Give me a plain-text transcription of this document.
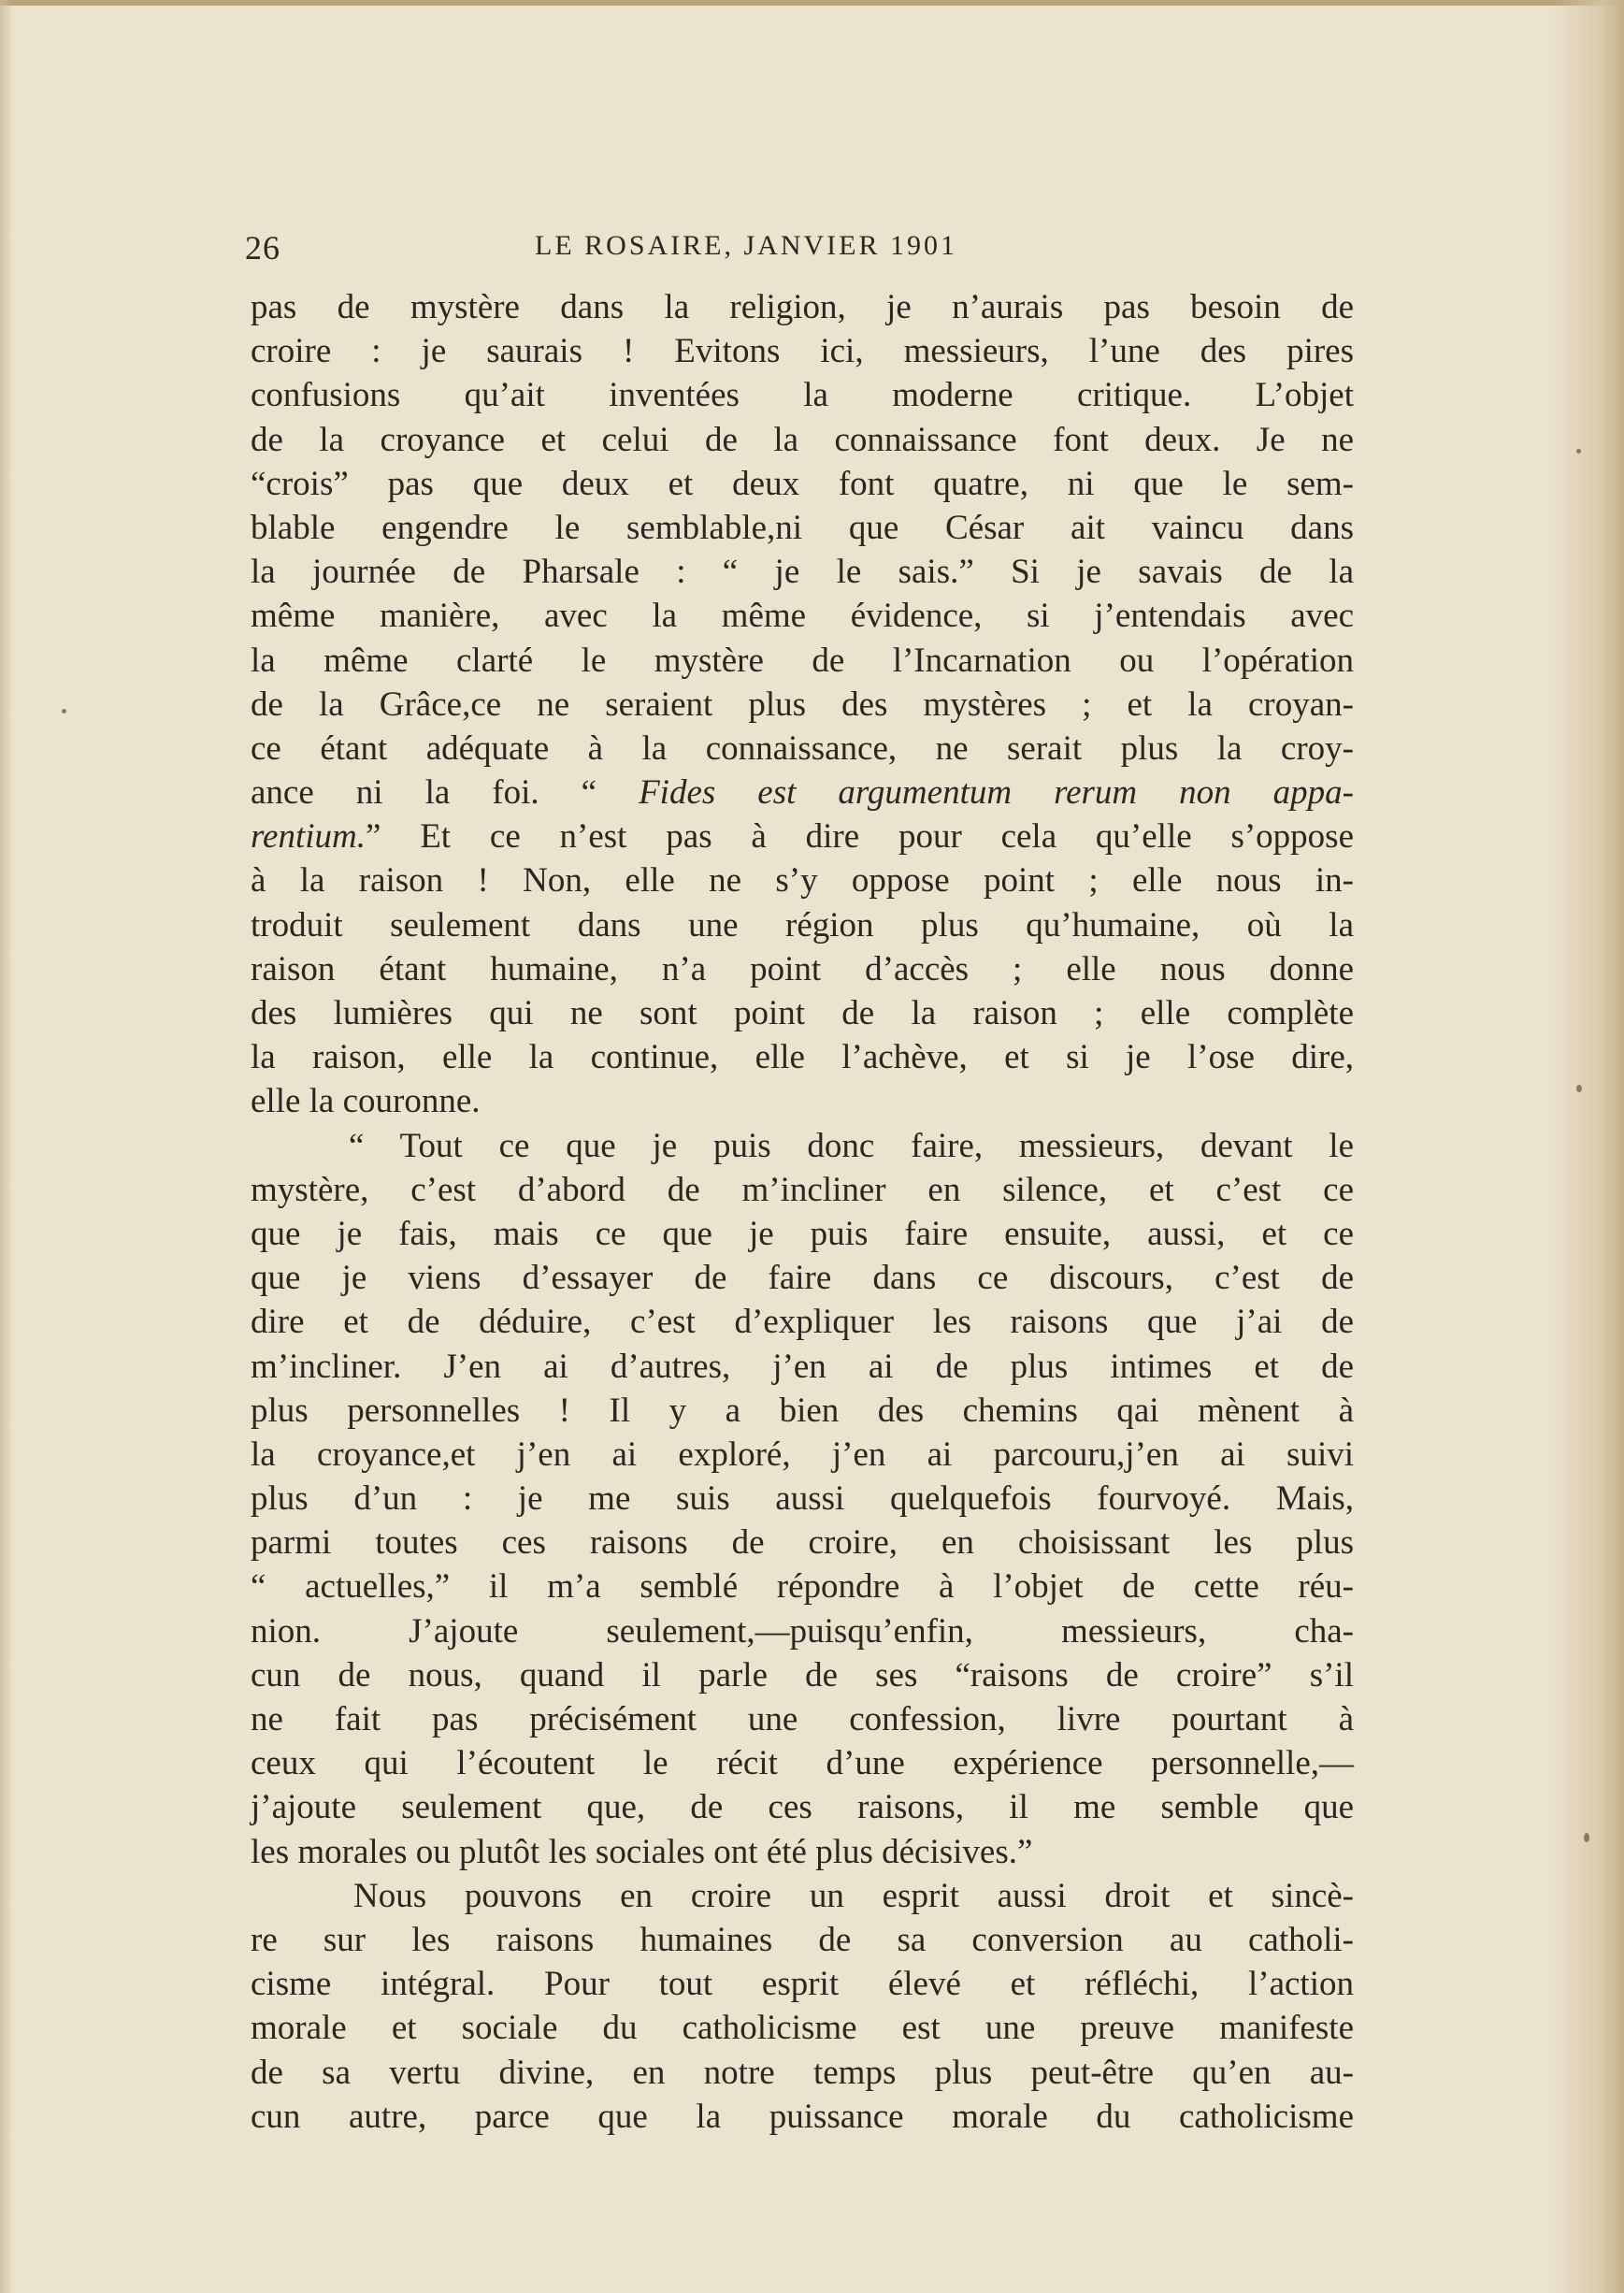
26	LE ROSAIRE, JANVIER 1901
pas de mystère dans la religion, je n’aurais pas besoin de
croire : je saurais ! Evitons ici, messieurs, l’une des pires
confusions qu’ait inventées la moderne critique. L’objet
de la croyance et celui de la connaissance font deux. Je ne
“crois” pas que deux et deux font quatre, ni que le sem-
blable engendre le semblable,ni que César ait vaincu dans
la journée de Pharsale : “ je le sais.” Si je savais de la
même manière, avec la même évidence, si j’entendais avec
la même clarté le mystère de l’Incarnation ou l’opération
de la Grâce,ce ne seraient plus des mystères ; et la croyan-
ce étant adéquate à la connaissance, ne serait plus la croy-
ance ni la foi. “ Fides est argumentum rerum non appa-
rentium.” Et ce n’est pas à dire pour cela qu’elle s’oppose
à la raison ! Non, elle ne s’y oppose point ; elle nous in-
troduit seulement dans une région plus qu’humaine, où la
raison étant humaine, n’a point d’accès ; elle nous donne
des lumières qui ne sont point de la raison ; elle complète
la raison, elle la continue, elle l’achève, et si je l’ose dire,
elle la couronne.
“ Tout ce que je puis donc faire, messieurs, devant le
mystère, c’est d’abord de m’incliner en silence, et c’est ce
que je fais, mais ce que je puis faire ensuite, aussi, et ce
que je viens d’essayer de faire dans ce discours, c’est de
dire et de déduire, c’est d’expliquer les raisons que j’ai de
m’incliner. J’en ai d’autres, j’en ai de plus intimes et de
plus personnelles ! Il y a bien des chemins qai mènent à
la croyance,et j’en ai exploré, j’en ai parcouru,j’en ai suivi
plus d’un : je me suis aussi quelquefois fourvoyé. Mais,
parmi toutes ces raisons de croire, en choisissant les plus
“ actuelles,” il m’a semblé répondre à l’objet de cette réu-
nion. J’ajoute seulement,—puisqu’enfin, messieurs, cha-
cun de nous, quand il parle de ses “raisons de croire” s’il
ne fait pas précisément une confession, livre pourtant à
ceux qui l’écoutent le récit d’une expérience personnelle,—
j’ajoute seulement que, de ces raisons, il me semble que
les morales ou plutôt les sociales ont été plus décisives.”
Nous pouvons en croire un esprit aussi droit et sincè-
re sur les raisons humaines de sa conversion au catholi-
cisme intégral. Pour tout esprit élevé et réfléchi, l’action
morale et sociale du catholicisme est une preuve manifeste
de sa vertu divine, en notre temps plus peut-être qu’en au-
cun autre, parce que la puissance morale du catholicisme
